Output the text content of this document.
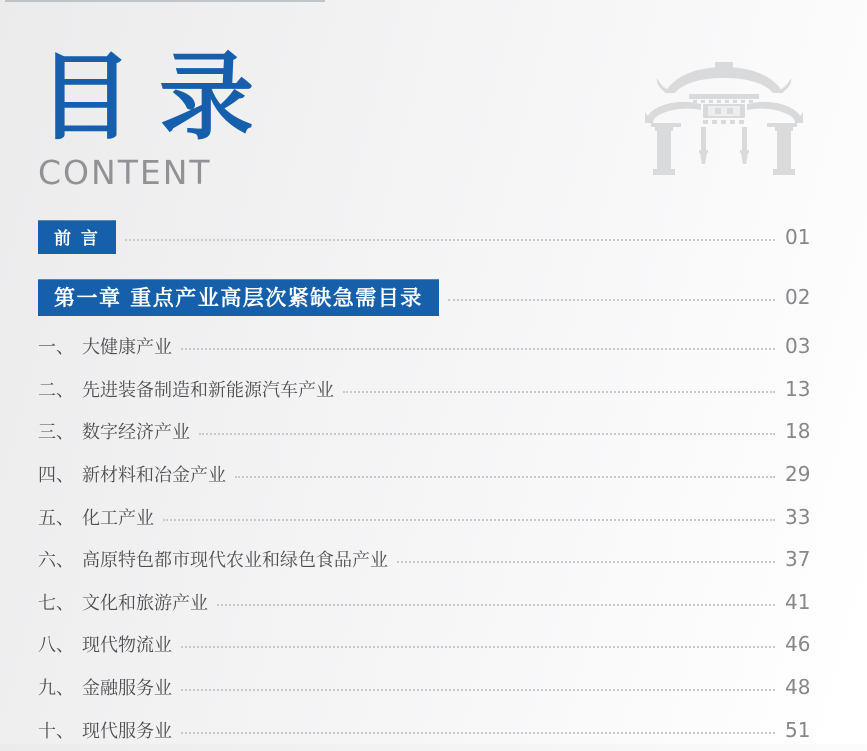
目录
CONTENT
前 言	01
第一章 重点产业高层次紧缺急需目录	02
一、 大健康产业	03
二、 先进装备制造和新能源汽车产业	13
三、 数字经济产业	18
四、 新材料和冶金产业	29
五、 化工产业	33
六、 高原特色都市现代农业和绿色食品产业	37
七、 文化和旅游产业	41
八、 现代物流业	46
九、 金融服务业	48
十、 现代服务业	51
